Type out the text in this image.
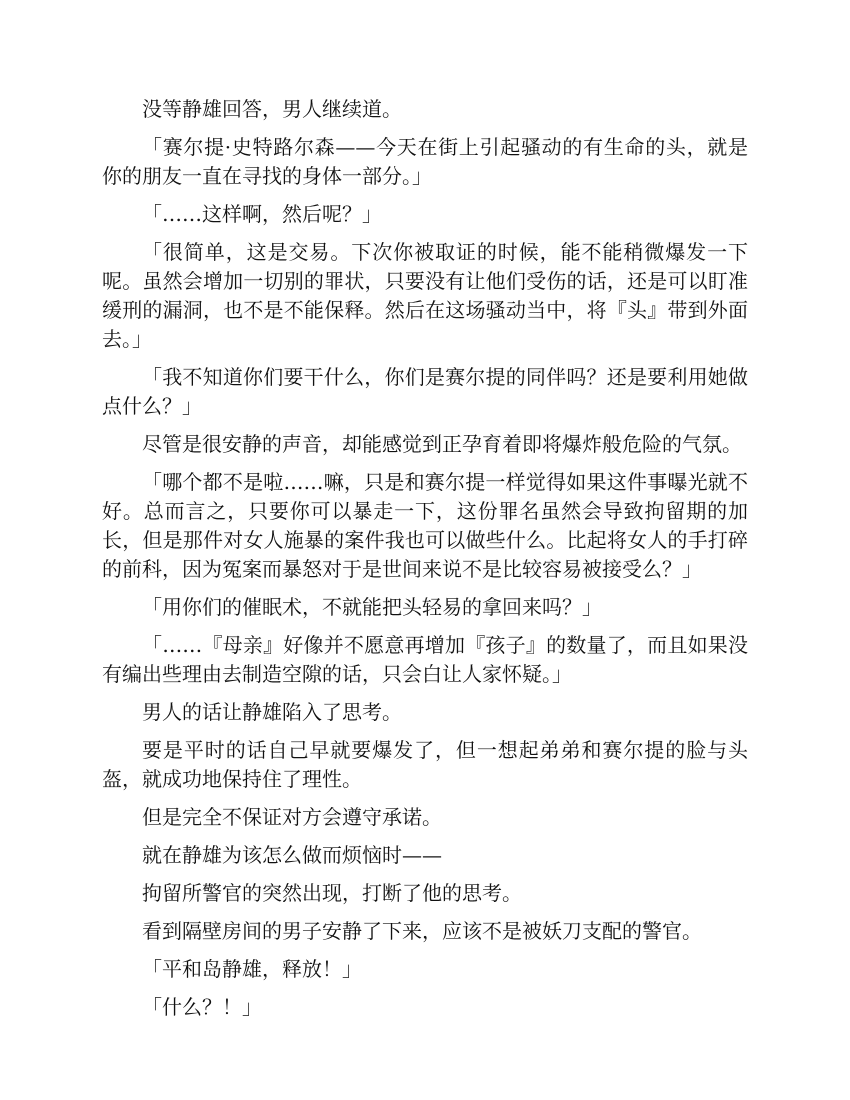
没等静雄回答，男人继续道。

「赛尔提·史特路尔森——今天在街上引起骚动的有生命的头，就是你的朋友一直在寻找的身体一部分。」

「……这样啊，然后呢？」

「很简单，这是交易。下次你被取证的时候，能不能稍微爆发一下呢。虽然会增加一切别的罪状，只要没有让他们受伤的话，还是可以盯准缓刑的漏洞，也不是不能保释。然后在这场骚动当中，将『头』带到外面去。」

「我不知道你们要干什么，你们是赛尔提的同伴吗？还是要利用她做点什么？」

尽管是很安静的声音，却能感觉到正孕育着即将爆炸般危险的气氛。

「哪个都不是啦……嘛，只是和赛尔提一样觉得如果这件事曝光就不好。总而言之，只要你可以暴走一下，这份罪名虽然会导致拘留期的加长，但是那件对女人施暴的案件我也可以做些什么。比起将女人的手打碎的前科，因为冤案而暴怒对于是世间来说不是比较容易被接受么？」

「用你们的催眠术，不就能把头轻易的拿回来吗？」

「……『母亲』好像并不愿意再增加『孩子』的数量了，而且如果没有编出些理由去制造空隙的话，只会白让人家怀疑。」

男人的话让静雄陷入了思考。

要是平时的话自己早就要爆发了，但一想起弟弟和赛尔提的脸与头盔，就成功地保持住了理性。

但是完全不保证对方会遵守承诺。

就在静雄为该怎么做而烦恼时——

拘留所警官的突然出现，打断了他的思考。

看到隔壁房间的男子安静了下来，应该不是被妖刀支配的警官。

「平和岛静雄，释放！」

「什么？！」
